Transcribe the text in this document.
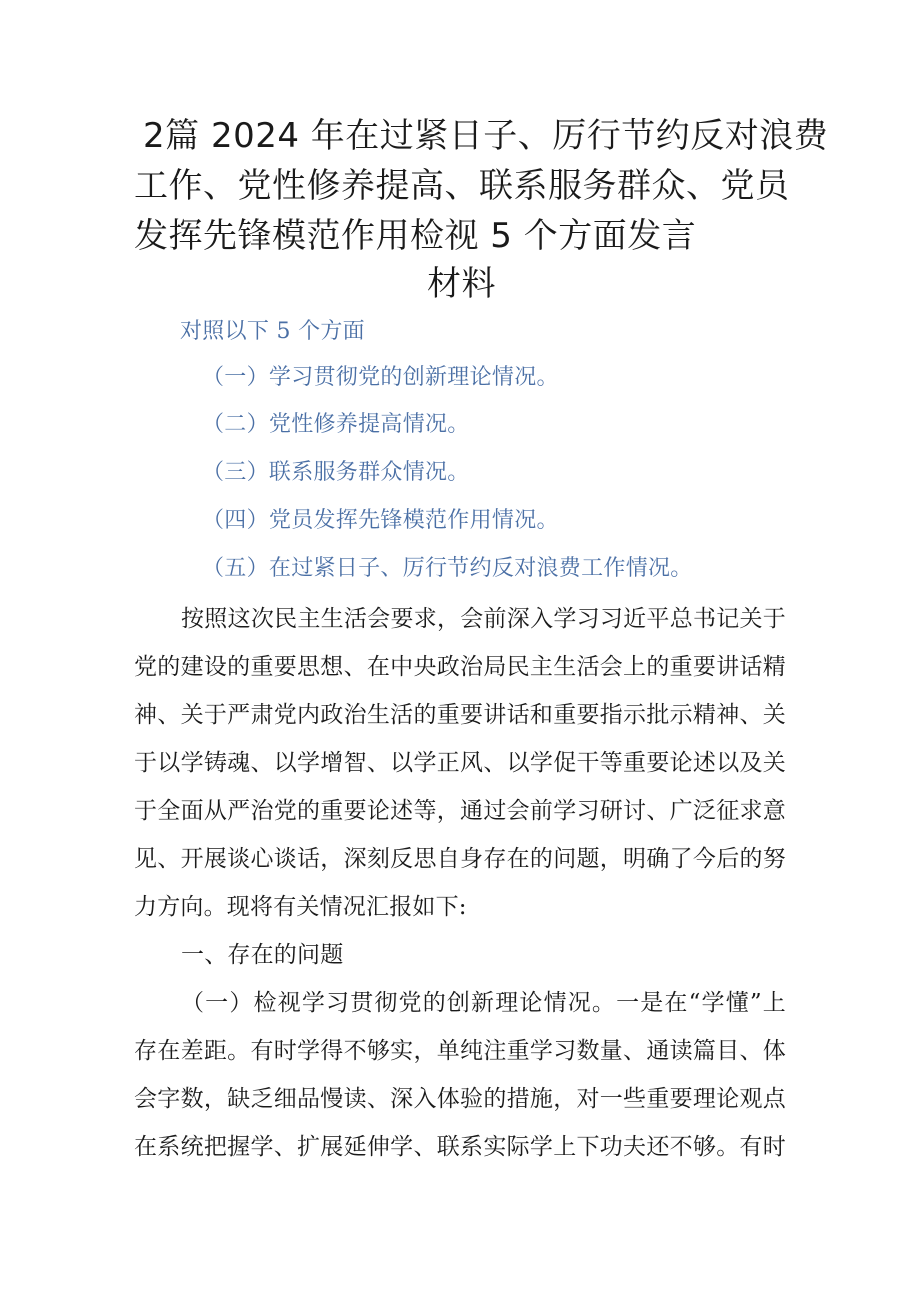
2篇 2024 年在过紧日子、厉行节约反对浪费
工作、党性修养提高、联系服务群众、党员
发挥先锋模范作用检视 5 个方面发言
材料
对照以下 5 个方面
（一）学习贯彻党的创新理论情况。
（二）党性修养提高情况。
（三）联系服务群众情况。
（四）党员发挥先锋模范作用情况。
（五）在过紧日子、厉行节约反对浪费工作情况。
按照这次民主生活会要求，会前深入学习习近平总书记关于
党的建设的重要思想、在中央政治局民主生活会上的重要讲话精
神、关于严肃党内政治生活的重要讲话和重要指示批示精神、关
于以学铸魂、以学增智、以学正风、以学促干等重要论述以及关
于全面从严治党的重要论述等，通过会前学习研讨、广泛征求意
见、开展谈心谈话，深刻反思自身存在的问题，明确了今后的努
力方向。现将有关情况汇报如下:
一、存在的问题
（一）检视学习贯彻党的创新理论情况。一是在“学懂”上
存在差距。有时学得不够实，单纯注重学习数量、通读篇目、体
会字数，缺乏细品慢读、深入体验的措施，对一些重要理论观点
在系统把握学、扩展延伸学、联系实际学上下功夫还不够。有时
